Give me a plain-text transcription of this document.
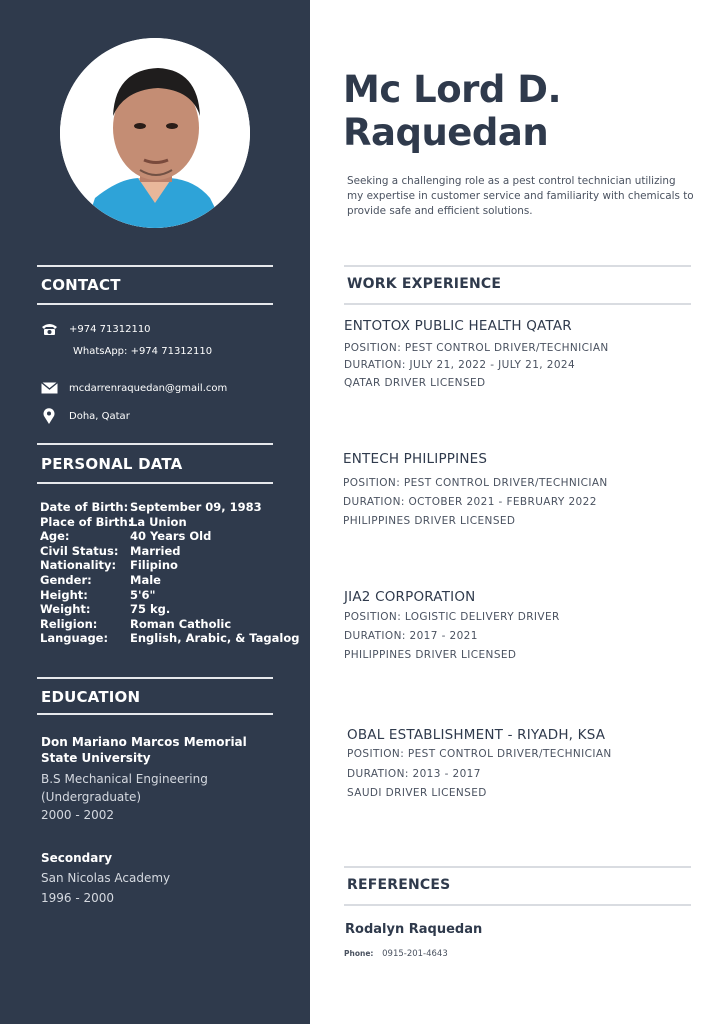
CONTACT
+974 71312110
WhatsApp: +974 71312110
mcdarrenraquedan@gmail.com
Doha, Qatar
PERSONAL DATA
Date of Birth: September 09, 1983
Place of Birth:
La Union
Age:	40 Years Old
Civil Status:	Married
Nationality:	Filipino
Gender:	Male
Height:	5'6"
Weight:	75 kg.
Religion:	Roman Catholic
Language:	English, Arabic, & Tagalog
EDUCATION
Don Mariano Marcos Memorial State University
B.S Mechanical Engineering (Undergraduate)
2000 - 2002
Secondary
San Nicolas Academy
1996 - 2000
Mc Lord D.
Raquedan
Seeking a challenging role as a pest control technician utilizing my expertise in customer service and familiarity with chemicals to provide safe and efficient solutions.
WORK EXPERIENCE
ENTOTOX PUBLIC HEALTH QATAR
POSITION: PEST CONTROL DRIVER/TECHNICIAN
DURATION: JULY 21, 2022 - JULY 21, 2024
QATAR DRIVER LICENSED
ENTECH PHILIPPINES
POSITION: PEST CONTROL DRIVER/TECHNICIAN
DURATION: OCTOBER 2021 - FEBRUARY 2022
PHILIPPINES DRIVER LICENSED
JIA2 CORPORATION
POSITION: LOGISTIC DELIVERY DRIVER
DURATION: 2017 - 2021
PHILIPPINES DRIVER LICENSED
OBAL ESTABLISHMENT - RIYADH, KSA
POSITION: PEST CONTROL DRIVER/TECHNICIAN
DURATION: 2013 - 2017
SAUDI DRIVER LICENSED
REFERENCES
Rodalyn Raquedan
Phone: 0915-201-4643
